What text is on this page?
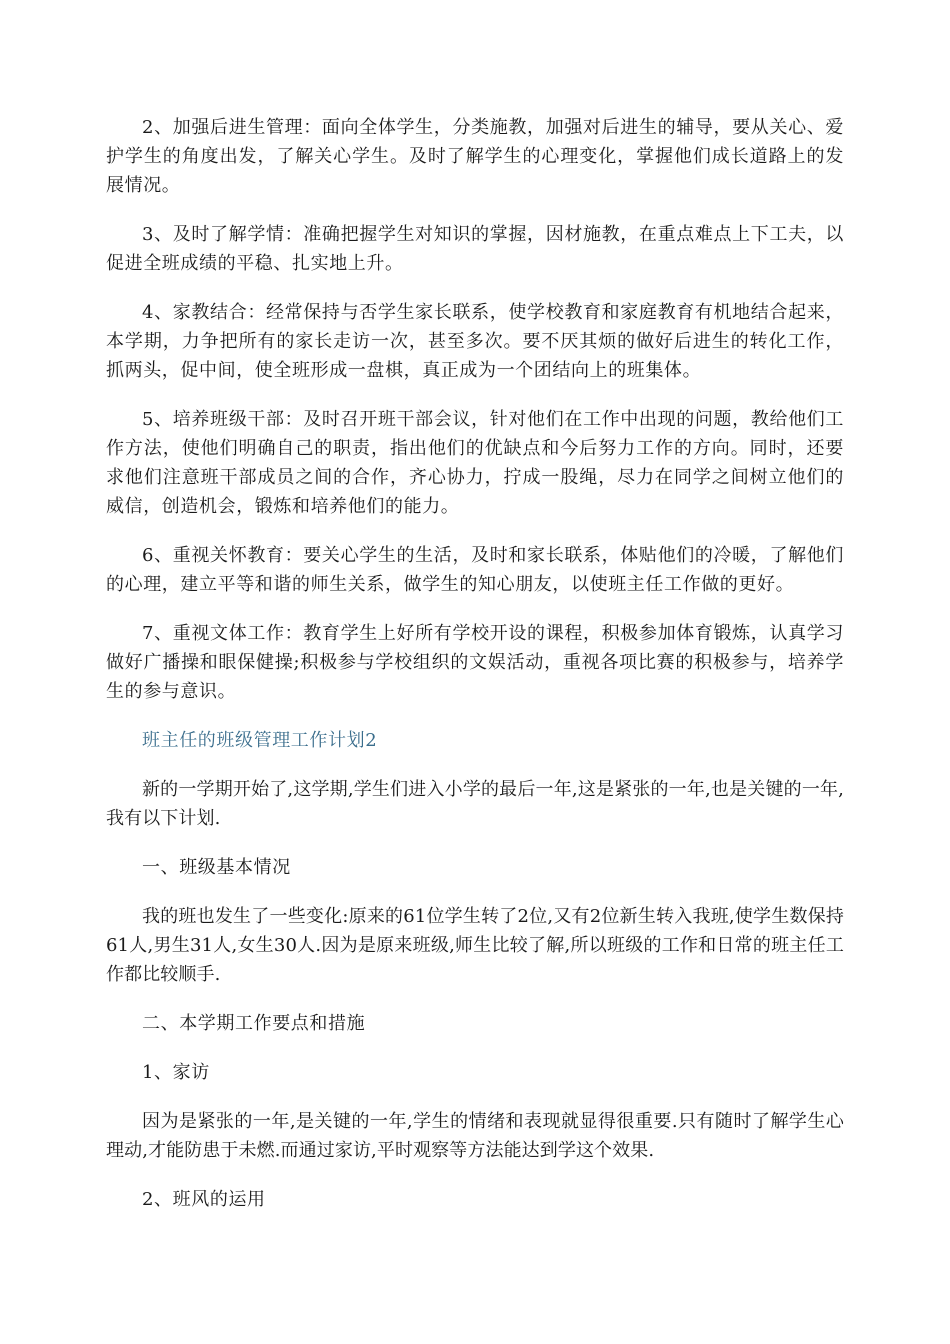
2、加强后进生管理：面向全体学生，分类施教，加强对后进生的辅导，要从关心、爱护学生的角度出发，了解关心学生。及时了解学生的心理变化，掌握他们成长道路上的发展情况。

3、及时了解学情：准确把握学生对知识的掌握，因材施教，在重点难点上下工夫，以促进全班成绩的平稳、扎实地上升。

4、家教结合：经常保持与否学生家长联系，使学校教育和家庭教育有机地结合起来，本学期，力争把所有的家长走访一次，甚至多次。要不厌其烦的做好后进生的转化工作，抓两头，促中间，使全班形成一盘棋，真正成为一个团结向上的班集体。

5、培养班级干部：及时召开班干部会议，针对他们在工作中出现的问题，教给他们工作方法，使他们明确自己的职责，指出他们的优缺点和今后努力工作的方向。同时，还要求他们注意班干部成员之间的合作，齐心协力，拧成一股绳，尽力在同学之间树立他们的威信，创造机会，锻炼和培养他们的能力。

6、重视关怀教育：要关心学生的生活，及时和家长联系，体贴他们的冷暖，了解他们的心理，建立平等和谐的师生关系，做学生的知心朋友，以使班主任工作做的更好。

7、重视文体工作：教育学生上好所有学校开设的课程，积极参加体育锻炼，认真学习做好广播操和眼保健操;积极参与学校组织的文娱活动，重视各项比赛的积极参与，培养学生的参与意识。

班主任的班级管理工作计划2

新的一学期开始了,这学期,学生们进入小学的最后一年,这是紧张的一年,也是关键的一年,我有以下计划.

一、班级基本情况

我的班也发生了一些变化:原来的61位学生转了2位,又有2位新生转入我班,使学生数保持61人,男生31人,女生30人.因为是原来班级,师生比较了解,所以班级的工作和日常的班主任工作都比较顺手.

二、本学期工作要点和措施

1、家访

因为是紧张的一年,是关键的一年,学生的情绪和表现就显得很重要.只有随时了解学生心理动,才能防患于未燃.而通过家访,平时观察等方法能达到学这个效果.

2、班风的运用
